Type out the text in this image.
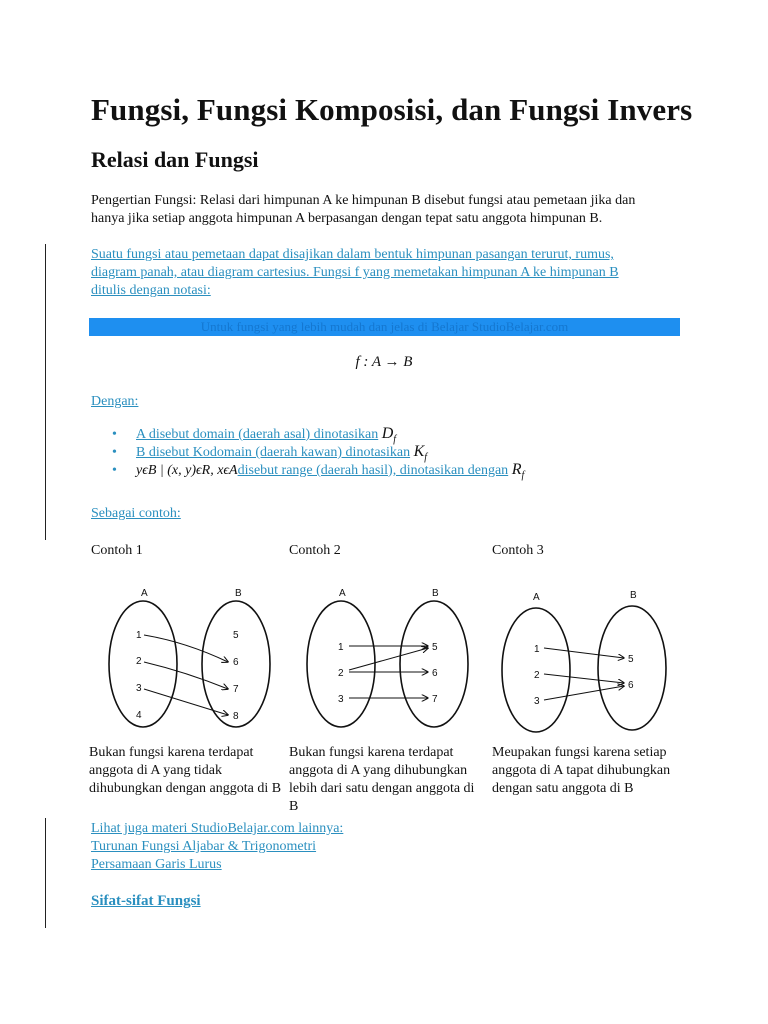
Fungsi, Fungsi Komposisi, dan Fungsi Invers
Relasi dan Fungsi

Pengertian Fungsi: Relasi dari himpunan A ke himpunan B disebut fungsi atau pemetaan jika dan
hanya jika setiap anggota himpunan A berpasangan dengan tepat satu anggota himpunan B.

Suatu fungsi atau pemetaan dapat disajikan dalam bentuk himpunan pasangan terurut, rumus,
diagram panah, atau diagram cartesius. Fungsi f yang memetakan himpunan A ke himpunan B
ditulis dengan notasi:

Untuk fungsi yang lebih mudah dan jelas di Belajar StudioBelajar.com
f : A → B

Dengan:

• A disebut domain (daerah asal) dinotasikan $D_f$
• B disebut Kodomain (daerah kawan) dinotasikan $K_f$
• yϵB | (x, y)ϵR, xϵAdisebut range (daerah hasil), dinotasikan dengan $R_f$

Sebagai contoh:

Contoh 1	Contoh 2	Contoh 3
A	B
1
2
3
4
5
6
7
8
A	B
1
2
3
5
6
7
A	B
1
2
3
5
6
Bukan fungsi karena terdapat anggota di A yang tidak dihubungkan dengan anggota di B
Bukan fungsi karena terdapat anggota di A yang dihubungkan lebih dari satu dengan anggota di B
Meupakan fungsi karena setiap anggota di A tapat dihubungkan dengan satu anggota di B

Lihat juga materi StudioBelajar.com lainnya:
Turunan Fungsi Aljabar & Trigonometri
Persamaan Garis Lurus

Sifat-sifat Fungsi
